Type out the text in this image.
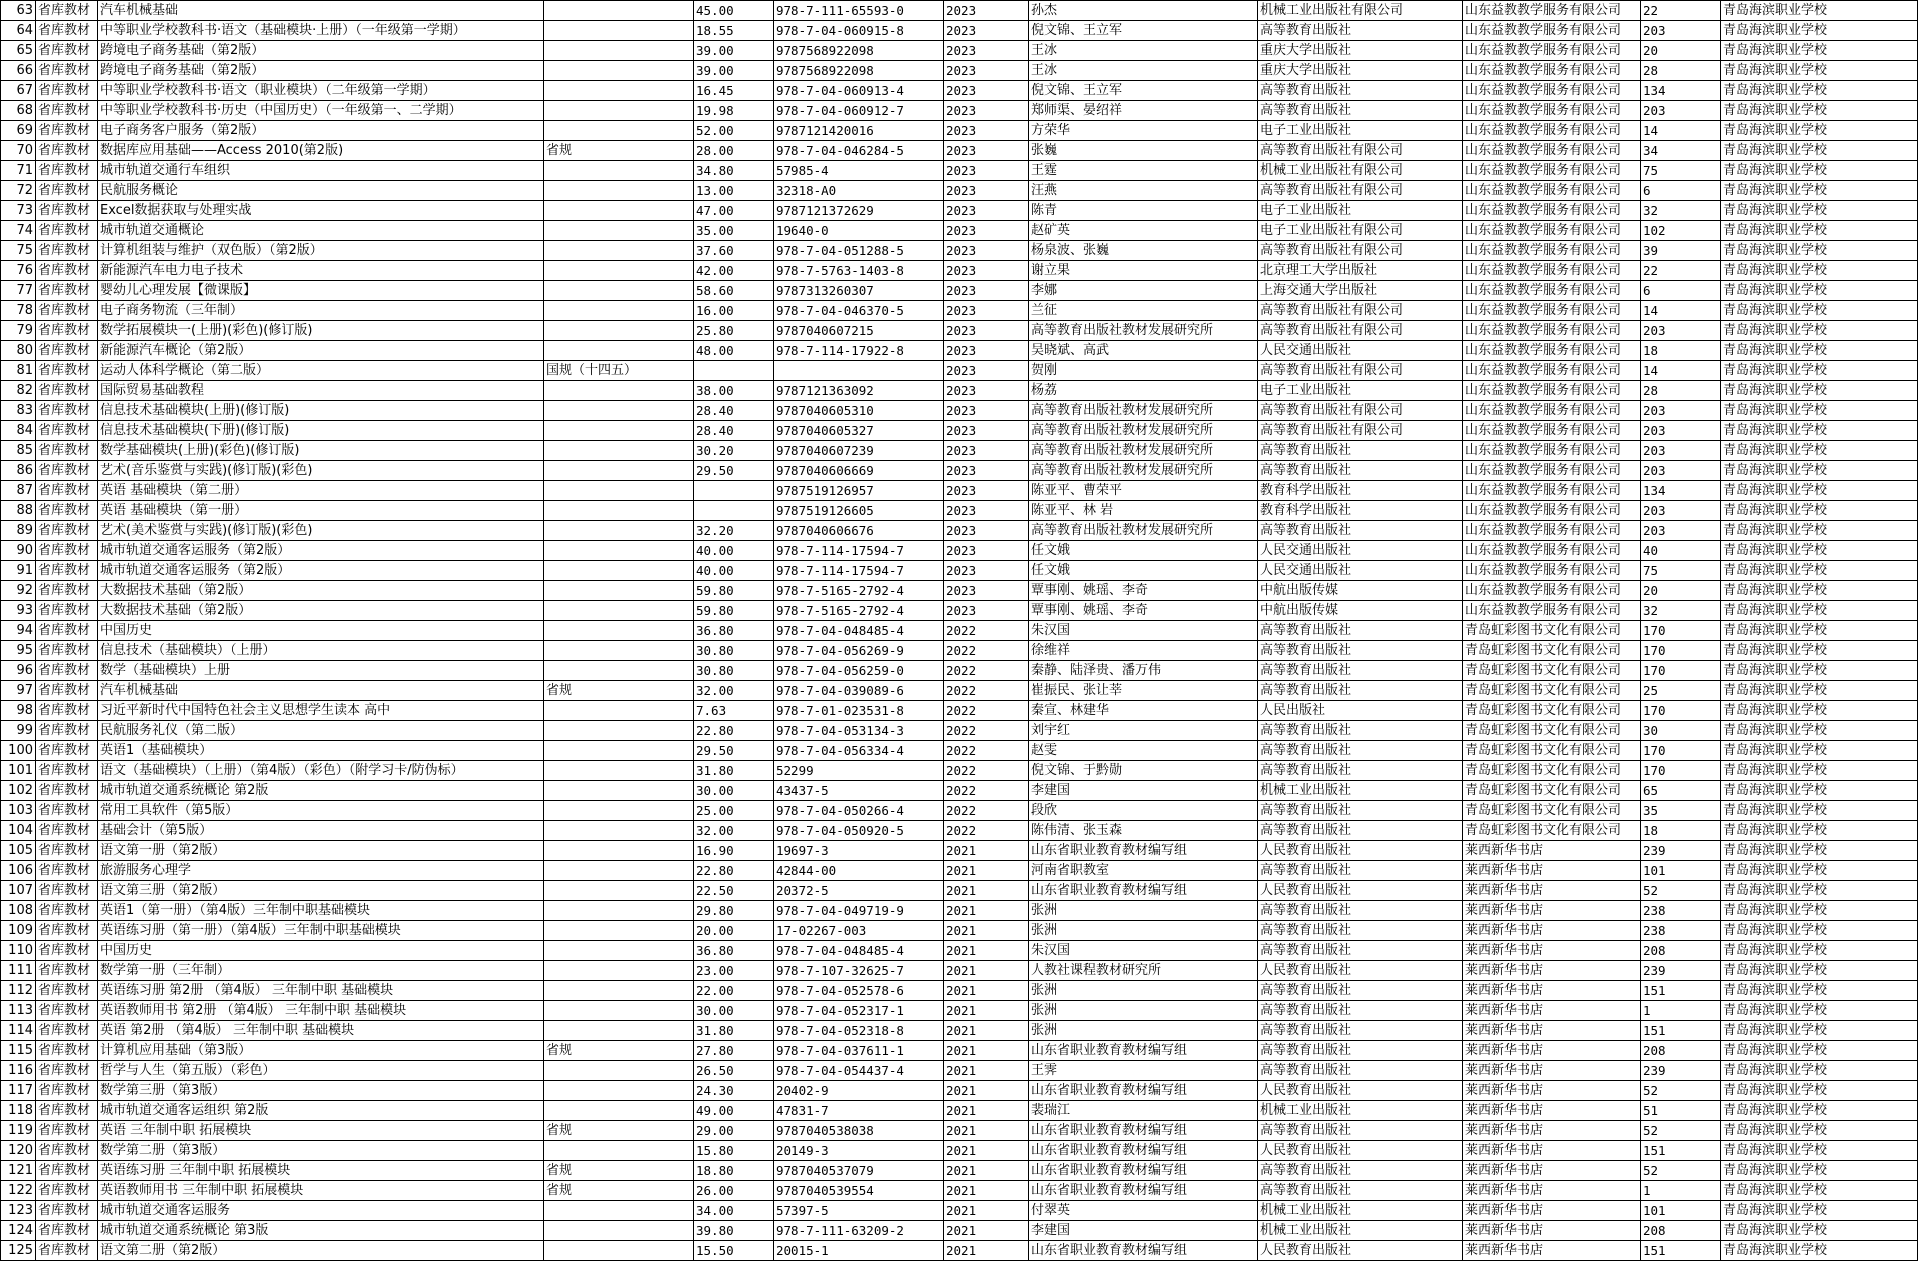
63	省库教材	汽车机械基础		45.00	978-7-111-65593-0	2023	孙杰	机械工业出版社有限公司	山东益教教学服务有限公司	22	青岛海滨职业学校
64	省库教材	中等职业学校教科书·语文（基础模块·上册）（一年级第一学期）		18.55	978-7-04-060915-8	2023	倪文锦、王立军	高等教育出版社	山东益教教学服务有限公司	203	青岛海滨职业学校
65	省库教材	跨境电子商务基础（第2版）		39.00	9787568922098	2023	王冰	重庆大学出版社	山东益教教学服务有限公司	20	青岛海滨职业学校
66	省库教材	跨境电子商务基础（第2版）		39.00	9787568922098	2023	王冰	重庆大学出版社	山东益教教学服务有限公司	28	青岛海滨职业学校
67	省库教材	中等职业学校教科书·语文（职业模块）（二年级第一学期）		16.45	978-7-04-060913-4	2023	倪文锦、王立军	高等教育出版社	山东益教教学服务有限公司	134	青岛海滨职业学校
68	省库教材	中等职业学校教科书·历史（中国历史）（一年级第一、二学期）		19.98	978-7-04-060912-7	2023	郑师渠、晏绍祥	高等教育出版社	山东益教教学服务有限公司	203	青岛海滨职业学校
69	省库教材	电子商务客户服务（第2版）		52.00	9787121420016	2023	方荣华	电子工业出版社	山东益教教学服务有限公司	14	青岛海滨职业学校
70	省库教材	数据库应用基础——Access 2010(第2版)	省规	28.00	978-7-04-046284-5	2023	张巍	高等教育出版社有限公司	山东益教教学服务有限公司	34	青岛海滨职业学校
71	省库教材	城市轨道交通行车组织		34.80	57985-4	2023	王霆	机械工业出版社有限公司	山东益教教学服务有限公司	75	青岛海滨职业学校
72	省库教材	民航服务概论		13.00	32318-A0	2023	汪燕	高等教育出版社有限公司	山东益教教学服务有限公司	6	青岛海滨职业学校
73	省库教材	Excel数据获取与处理实战		47.00	9787121372629	2023	陈青	电子工业出版社	山东益教教学服务有限公司	32	青岛海滨职业学校
74	省库教材	城市轨道交通概论		35.00	19640-0	2023	赵矿英	电子工业出版社有限公司	山东益教教学服务有限公司	102	青岛海滨职业学校
75	省库教材	计算机组装与维护（双色版）（第2版）		37.60	978-7-04-051288-5	2023	杨泉波、张巍	高等教育出版社有限公司	山东益教教学服务有限公司	39	青岛海滨职业学校
76	省库教材	新能源汽车电力电子技术		42.00	978-7-5763-1403-8	2023	谢立果	北京理工大学出版社	山东益教教学服务有限公司	22	青岛海滨职业学校
77	省库教材	婴幼儿心理发展【微课版】		58.60	9787313260307	2023	李娜	上海交通大学出版社	山东益教教学服务有限公司	6	青岛海滨职业学校
78	省库教材	电子商务物流（三年制）		16.00	978-7-04-046370-5	2023	兰征	高等教育出版社有限公司	山东益教教学服务有限公司	14	青岛海滨职业学校
79	省库教材	数学拓展模块一(上册)(彩色)(修订版)		25.80	9787040607215	2023	高等教育出版社教材发展研究所	高等教育出版社有限公司	山东益教教学服务有限公司	203	青岛海滨职业学校
80	省库教材	新能源汽车概论（第2版）		48.00	978-7-114-17922-8	2023	吴晓斌、高武	人民交通出版社	山东益教教学服务有限公司	18	青岛海滨职业学校
81	省库教材	运动人体科学概论（第二版）	国规（十四五）			2023	贺刚	高等教育出版社有限公司	山东益教教学服务有限公司	14	青岛海滨职业学校
82	省库教材	国际贸易基础教程		38.00	9787121363092	2023	杨荔	电子工业出版社	山东益教教学服务有限公司	28	青岛海滨职业学校
83	省库教材	信息技术基础模块(上册)(修订版)		28.40	9787040605310	2023	高等教育出版社教材发展研究所	高等教育出版社有限公司	山东益教教学服务有限公司	203	青岛海滨职业学校
84	省库教材	信息技术基础模块(下册)(修订版)		28.40	9787040605327	2023	高等教育出版社教材发展研究所	高等教育出版社有限公司	山东益教教学服务有限公司	203	青岛海滨职业学校
85	省库教材	数学基础模块(上册)(彩色)(修订版)		30.20	9787040607239	2023	高等教育出版社教材发展研究所	高等教育出版社	山东益教教学服务有限公司	203	青岛海滨职业学校
86	省库教材	艺术(音乐鉴赏与实践)(修订版)(彩色)		29.50	9787040606669	2023	高等教育出版社教材发展研究所	高等教育出版社	山东益教教学服务有限公司	203	青岛海滨职业学校
87	省库教材	英语 基础模块（第二册）			9787519126957	2023	陈亚平、曹荣平	教育科学出版社	山东益教教学服务有限公司	134	青岛海滨职业学校
88	省库教材	英语 基础模块（第一册）			9787519126605	2023	陈亚平、林 岩	教育科学出版社	山东益教教学服务有限公司	203	青岛海滨职业学校
89	省库教材	艺术(美术鉴赏与实践)(修订版)(彩色)		32.20	9787040606676	2023	高等教育出版社教材发展研究所	高等教育出版社	山东益教教学服务有限公司	203	青岛海滨职业学校
90	省库教材	城市轨道交通客运服务（第2版）		40.00	978-7-114-17594-7	2023	任文娥	人民交通出版社	山东益教教学服务有限公司	40	青岛海滨职业学校
91	省库教材	城市轨道交通客运服务（第2版）		40.00	978-7-114-17594-7	2023	任文娥	人民交通出版社	山东益教教学服务有限公司	75	青岛海滨职业学校
92	省库教材	大数据技术基础（第2版）		59.80	978-7-5165-2792-4	2023	覃事刚、姚瑶、李奇	中航出版传媒	山东益教教学服务有限公司	20	青岛海滨职业学校
93	省库教材	大数据技术基础（第2版）		59.80	978-7-5165-2792-4	2023	覃事刚、姚瑶、李奇	中航出版传媒	山东益教教学服务有限公司	32	青岛海滨职业学校
94	省库教材	中国历史		36.80	978-7-04-048485-4	2022	朱汉国	高等教育出版社	青岛虹彩图书文化有限公司	170	青岛海滨职业学校
95	省库教材	信息技术（基础模块）（上册）		30.80	978-7-04-056269-9	2022	徐维祥	高等教育出版社	青岛虹彩图书文化有限公司	170	青岛海滨职业学校
96	省库教材	数学（基础模块）上册		30.80	978-7-04-056259-0	2022	秦静、陆泽贵、潘万伟	高等教育出版社	青岛虹彩图书文化有限公司	170	青岛海滨职业学校
97	省库教材	汽车机械基础	省规	32.00	978-7-04-039089-6	2022	崔振民、张让莘	高等教育出版社	青岛虹彩图书文化有限公司	25	青岛海滨职业学校
98	省库教材	习近平新时代中国特色社会主义思想学生读本 高中		7.63	978-7-01-023531-8	2022	秦宣、林建华	人民出版社	青岛虹彩图书文化有限公司	170	青岛海滨职业学校
99	省库教材	民航服务礼仪（第二版）		22.80	978-7-04-053134-3	2022	刘宇红	高等教育出版社	青岛虹彩图书文化有限公司	30	青岛海滨职业学校
100	省库教材	英语1（基础模块）		29.50	978-7-04-056334-4	2022	赵雯	高等教育出版社	青岛虹彩图书文化有限公司	170	青岛海滨职业学校
101	省库教材	语文（基础模块）（上册）（第4版）（彩色）（附学习卡/防伪标）		31.80	52299	2022	倪文锦、于黔勋	高等教育出版社	青岛虹彩图书文化有限公司	170	青岛海滨职业学校
102	省库教材	城市轨道交通系统概论 第2版		30.00	43437-5	2022	李建国	机械工业出版社	青岛虹彩图书文化有限公司	65	青岛海滨职业学校
103	省库教材	常用工具软件（第5版）		25.00	978-7-04-050266-4	2022	段欣	高等教育出版社	青岛虹彩图书文化有限公司	35	青岛海滨职业学校
104	省库教材	基础会计（第5版）		32.00	978-7-04-050920-5	2022	陈伟清、张玉森	高等教育出版社	青岛虹彩图书文化有限公司	18	青岛海滨职业学校
105	省库教材	语文第一册（第2版）		16.90	19697-3	2021	山东省职业教育教材编写组	人民教育出版社	莱西新华书店	239	青岛海滨职业学校
106	省库教材	旅游服务心理学		22.80	42844-00	2021	河南省职教室	高等教育出版社	莱西新华书店	101	青岛海滨职业学校
107	省库教材	语文第三册（第2版）		22.50	20372-5	2021	山东省职业教育教材编写组	人民教育出版社	莱西新华书店	52	青岛海滨职业学校
108	省库教材	英语1（第一册）（第4版）三年制中职基础模块		29.80	978-7-04-049719-9	2021	张洲	高等教育出版社	莱西新华书店	238	青岛海滨职业学校
109	省库教材	英语练习册（第一册）（第4版）三年制中职基础模块		20.00	17-02267-003	2021	张洲	高等教育出版社	莱西新华书店	238	青岛海滨职业学校
110	省库教材	中国历史		36.80	978-7-04-048485-4	2021	朱汉国	高等教育出版社	莱西新华书店	208	青岛海滨职业学校
111	省库教材	数学第一册（三年制）		23.00	978-7-107-32625-7	2021	人教社课程教材研究所	人民教育出版社	莱西新华书店	239	青岛海滨职业学校
112	省库教材	英语练习册 第2册 （第4版） 三年制中职 基础模块		22.00	978-7-04-052578-6	2021	张洲	高等教育出版社	莱西新华书店	151	青岛海滨职业学校
113	省库教材	英语教师用书 第2册 （第4版） 三年制中职 基础模块		30.00	978-7-04-052317-1	2021	张洲	高等教育出版社	莱西新华书店	1	青岛海滨职业学校
114	省库教材	英语 第2册 （第4版） 三年制中职 基础模块		31.80	978-7-04-052318-8	2021	张洲	高等教育出版社	莱西新华书店	151	青岛海滨职业学校
115	省库教材	计算机应用基础（第3版）	省规	27.80	978-7-04-037611-1	2021	山东省职业教育教材编写组	高等教育出版社	莱西新华书店	208	青岛海滨职业学校
116	省库教材	哲学与人生（第五版）（彩色）		26.50	978-7-04-054437-4	2021	王霁	高等教育出版社	莱西新华书店	239	青岛海滨职业学校
117	省库教材	数学第三册（第3版）		24.30	20402-9	2021	山东省职业教育教材编写组	人民教育出版社	莱西新华书店	52	青岛海滨职业学校
118	省库教材	城市轨道交通客运组织 第2版		49.00	47831-7	2021	裴瑞江	机械工业出版社	莱西新华书店	51	青岛海滨职业学校
119	省库教材	英语 三年制中职 拓展模块	省规	29.00	9787040538038	2021	山东省职业教育教材编写组	高等教育出版社	莱西新华书店	52	青岛海滨职业学校
120	省库教材	数学第二册（第3版）		15.80	20149-3	2021	山东省职业教育教材编写组	人民教育出版社	莱西新华书店	151	青岛海滨职业学校
121	省库教材	英语练习册 三年制中职 拓展模块	省规	18.80	9787040537079	2021	山东省职业教育教材编写组	高等教育出版社	莱西新华书店	52	青岛海滨职业学校
122	省库教材	英语教师用书 三年制中职 拓展模块	省规	26.00	9787040539554	2021	山东省职业教育教材编写组	高等教育出版社	莱西新华书店	1	青岛海滨职业学校
123	省库教材	城市轨道交通客运服务		34.00	57397-5	2021	付翠英	机械工业出版社	莱西新华书店	101	青岛海滨职业学校
124	省库教材	城市轨道交通系统概论 第3版		39.80	978-7-111-63209-2	2021	李建国	机械工业出版社	莱西新华书店	208	青岛海滨职业学校
125	省库教材	语文第二册（第2版）		15.50	20015-1	2021	山东省职业教育教材编写组	人民教育出版社	莱西新华书店	151	青岛海滨职业学校
